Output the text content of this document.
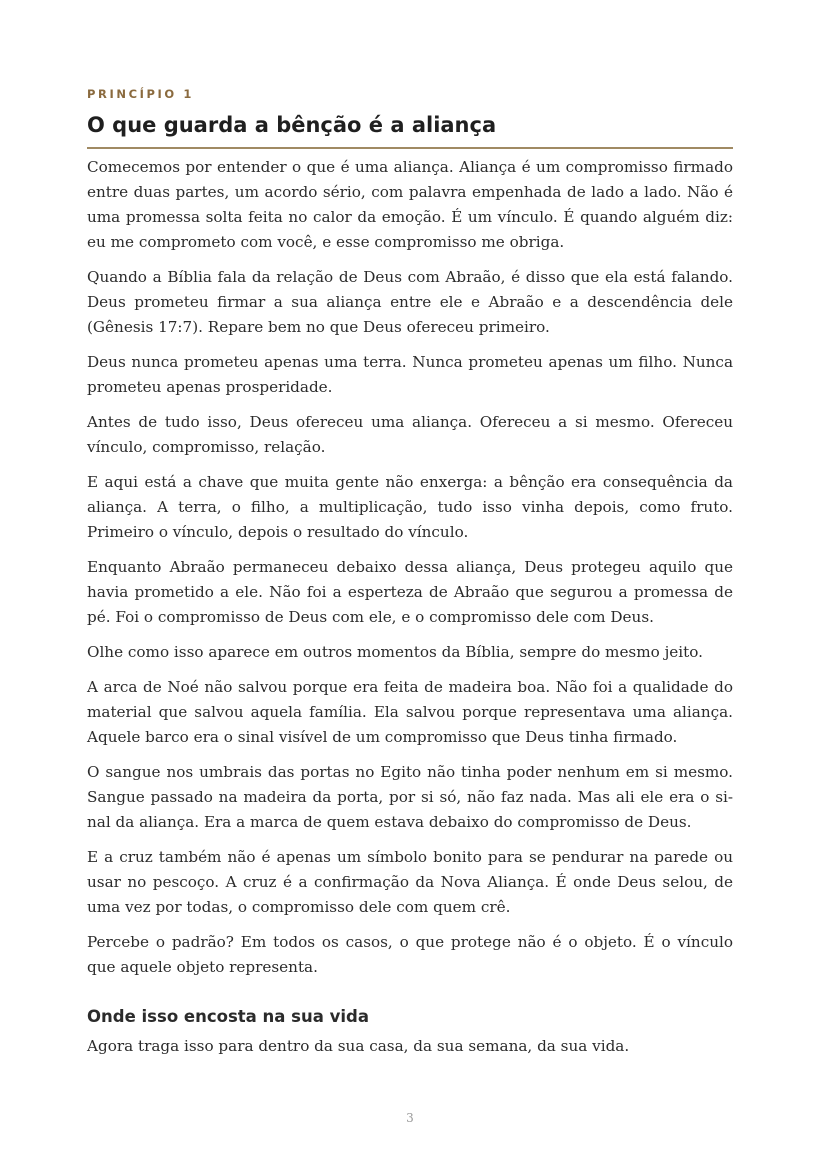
PRINCÍPIO 1
O que guarda a bênção é a aliança

Comecemos por entender o que é uma aliança. Aliança é um compromisso firmado entre duas partes, um acordo sério, com palavra empenhada de lado a lado. Não é uma promessa solta feita no calor da emoção. É um vínculo. É quando alguém diz: eu me comprometo com você, e esse compromisso me obriga.

Quando a Bíblia fala da relação de Deus com Abraão, é disso que ela está falando. Deus prometeu firmar a sua aliança entre ele e Abraão e a descendência dele (Gênesis 17:7). Repare bem no que Deus ofereceu primeiro.

Deus nunca prometeu apenas uma terra. Nunca prometeu apenas um filho. Nunca prometeu apenas prosperidade.

Antes de tudo isso, Deus ofereceu uma aliança. Ofereceu a si mesmo. Ofereceu vínculo, compromisso, relação.

E aqui está a chave que muita gente não enxerga: a bênção era consequência da aliança. A terra, o filho, a multiplicação, tudo isso vinha depois, como fruto. Primeiro o vínculo, depois o resultado do vínculo.

Enquanto Abraão permaneceu debaixo dessa aliança, Deus protegeu aquilo que havia prometido a ele. Não foi a esperteza de Abraão que segurou a promessa de pé. Foi o compromisso de Deus com ele, e o compromisso dele com Deus.

Olhe como isso aparece em outros momentos da Bíblia, sempre do mesmo jeito.

A arca de Noé não salvou porque era feita de madeira boa. Não foi a qualidade do material que salvou aquela família. Ela salvou porque representava uma aliança. Aquele barco era o sinal visível de um compromisso que Deus tinha firmado.

O sangue nos umbrais das portas no Egito não tinha poder nenhum em si mesmo. Sangue passado na madeira da porta, por si só, não faz nada. Mas ali ele era o sinal da aliança. Era a marca de quem estava debaixo do compromisso de Deus.

E a cruz também não é apenas um símbolo bonito para se pendurar na parede ou usar no pescoço. A cruz é a confirmação da Nova Aliança. É onde Deus selou, de uma vez por todas, o compromisso dele com quem crê.

Percebe o padrão? Em todos os casos, o que protege não é o objeto. É o vínculo que aquele objeto representa.

Onde isso encosta na sua vida

Agora traga isso para dentro da sua casa, da sua semana, da sua vida.

3
